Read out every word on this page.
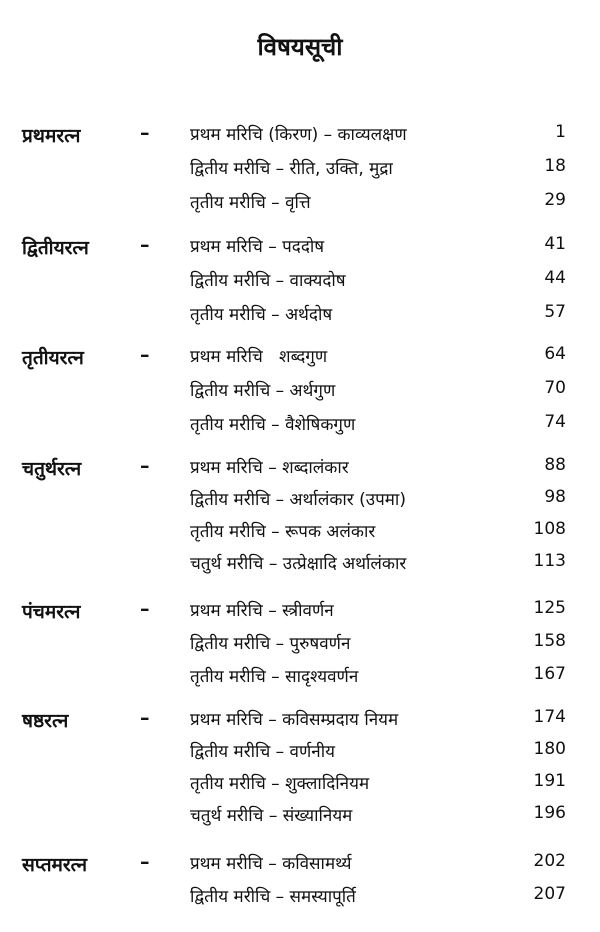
विषयसूची
प्रथमरत्न	– प्रथम मरिचि (किरण) – काव्यलक्षण	1
द्वितीय मरीचि – रीति, उक्ति, मुद्रा	18
तृतीय मरीचि – वृत्ति	29
द्वितीयरत्न	– प्रथम मरिचि – पददोष	41
द्वितीय मरीचि – वाक्यदोष	44
तृतीय मरीचि – अर्थदोष	57
तृतीयरत्न	– प्रथम मरिचि   शब्दगुण	64
द्वितीय मरीचि – अर्थगुण	70
तृतीय मरीचि – वैशेषिकगुण	74
चतुर्थरत्न	– प्रथम मरिचि – शब्दालंकार	88
द्वितीय मरीचि – अर्थालंकार (उपमा)	98
तृतीय मरीचि – रूपक अलंकार	108
चतुर्थ मरीचि – उत्प्रेक्षादि अर्थालंकार	113
पंचमरत्न	– प्रथम मरिचि – स्त्रीवर्णन	125
द्वितीय मरीचि – पुरुषवर्णन	158
तृतीय मरीचि – सादृश्यवर्णन	167
षष्ठरत्न	– प्रथम मरिचि – कविसम्प्रदाय नियम	174
द्वितीय मरीचि – वर्णनीय	180
तृतीय मरीचि – शुक्लादिनियम	191
चतुर्थ मरीचि – संख्यानियम	196
सप्तमरत्न	– प्रथम मरीचि – कविसामर्थ्य	202
द्वितीय मरीचि – समस्यापूर्ति	207
